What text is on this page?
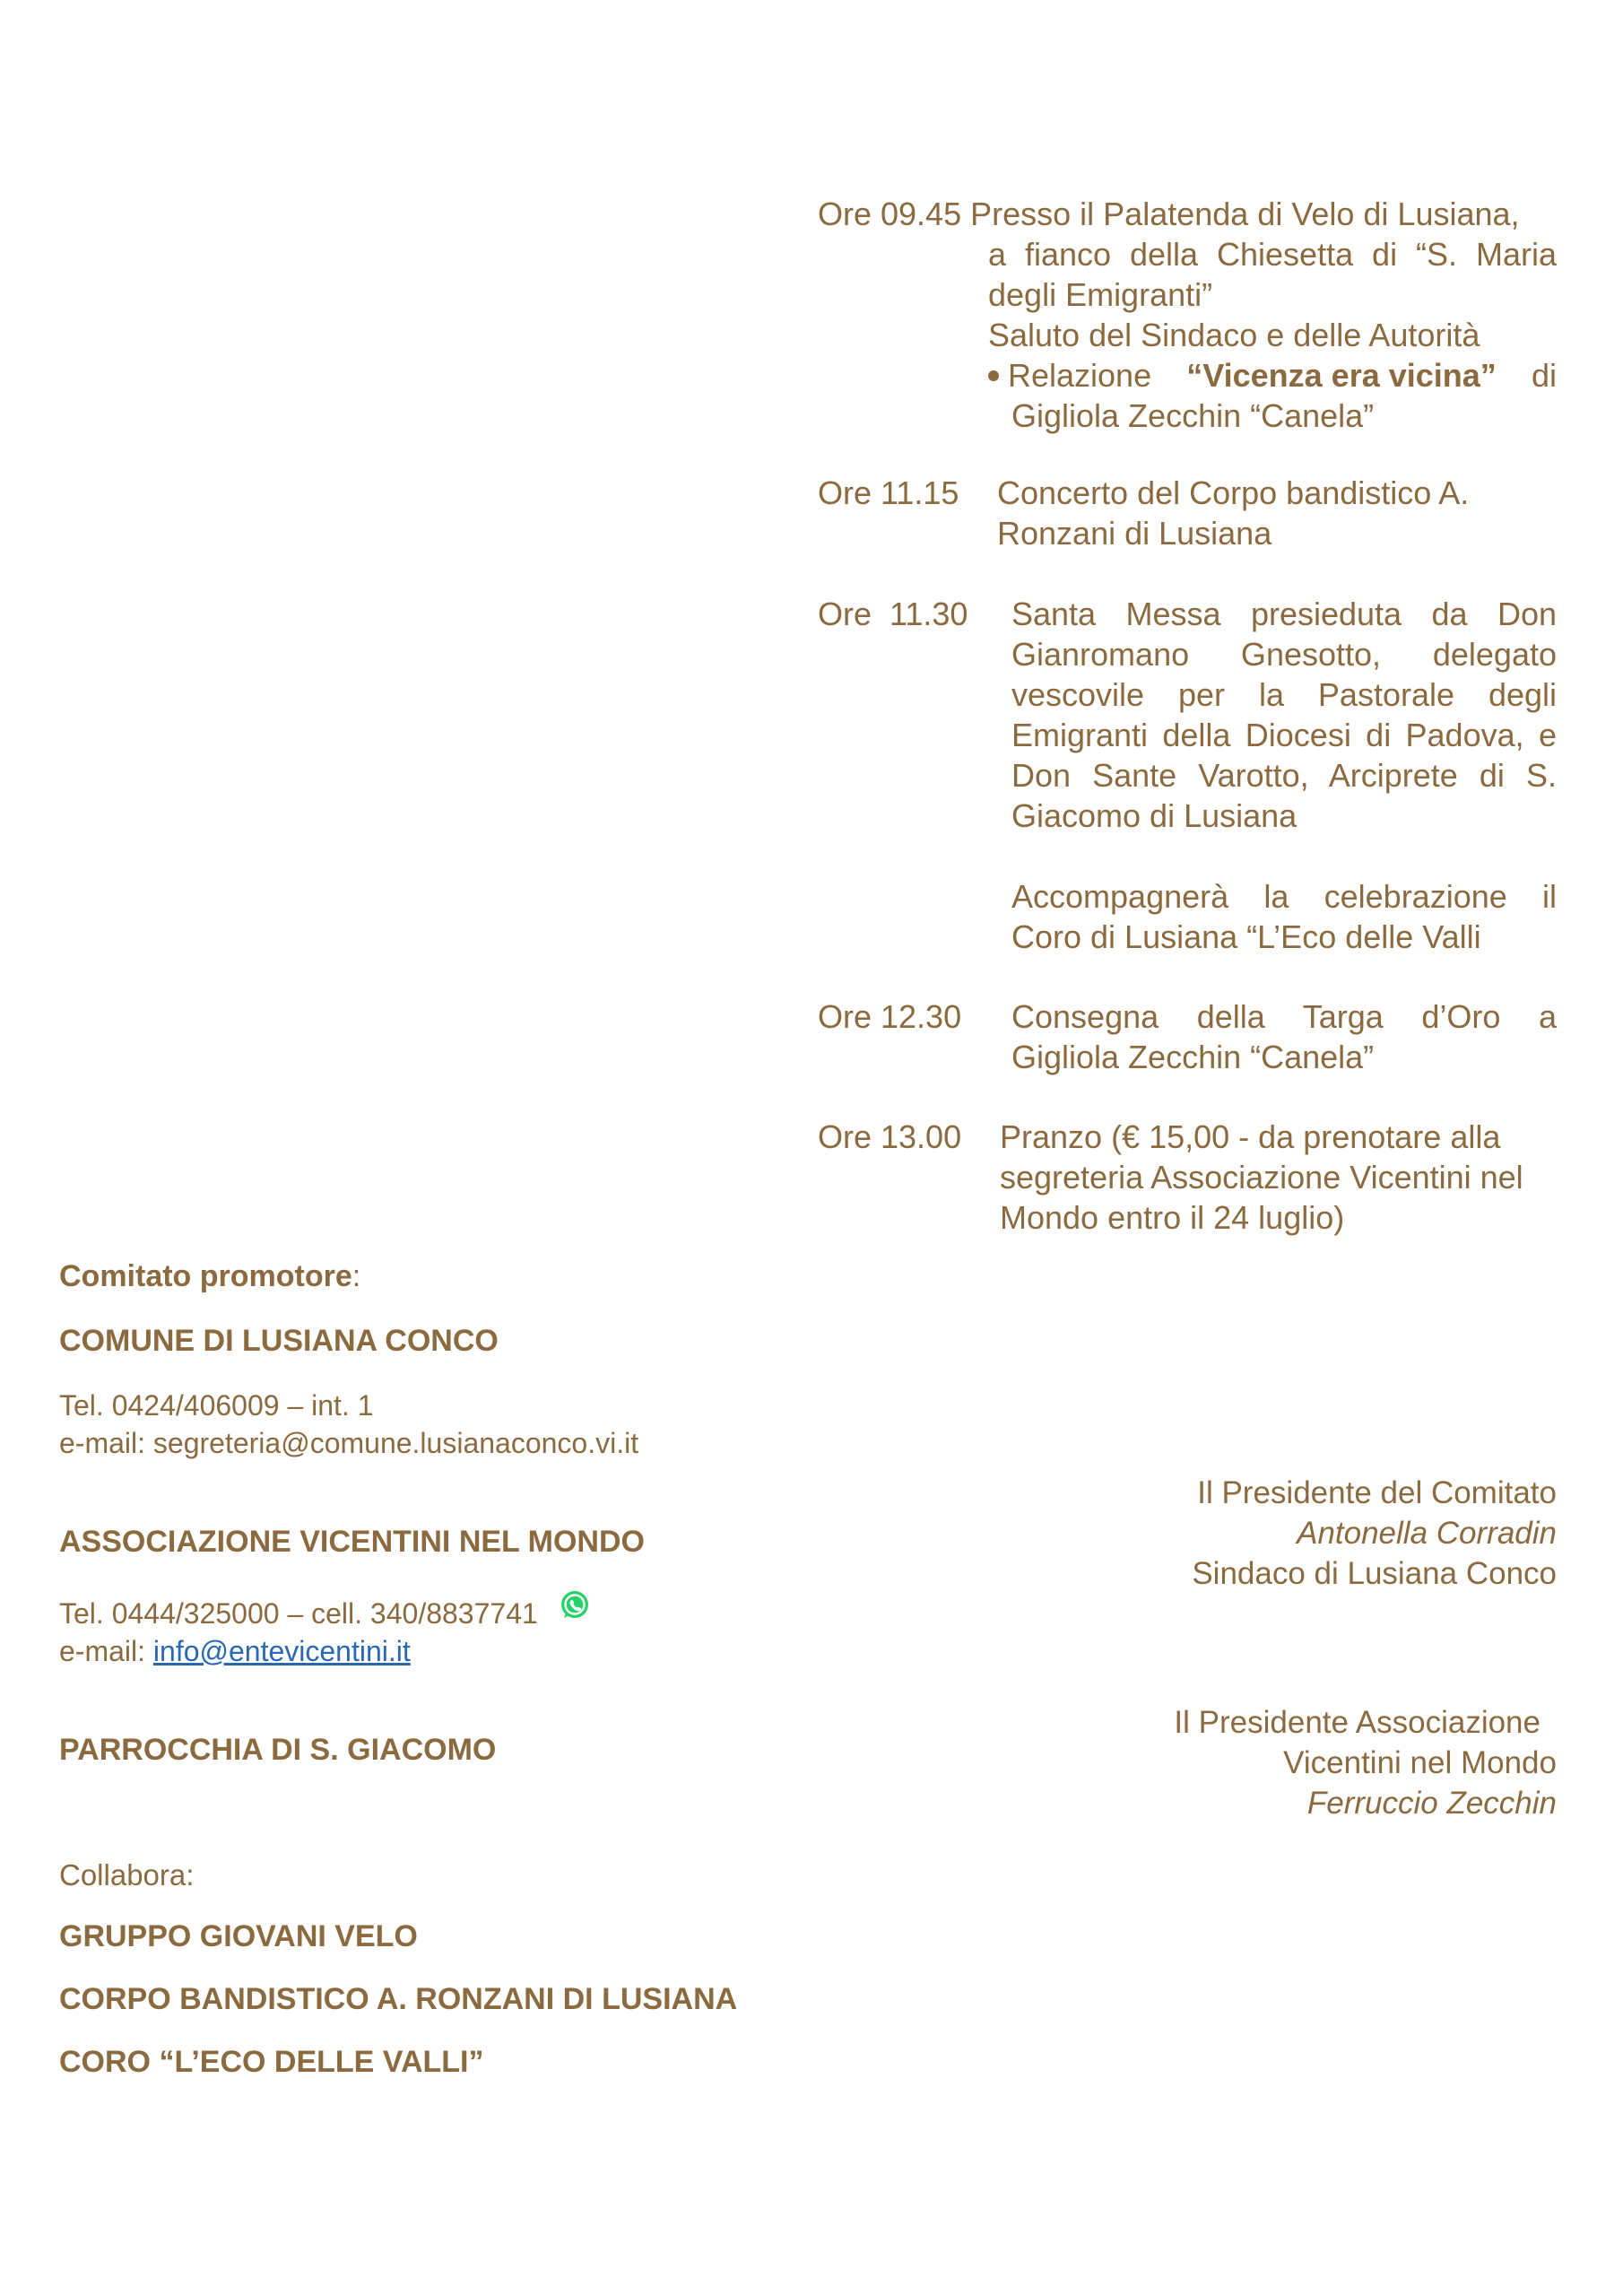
Ore 09.45 Presso il Palatenda di Velo di Lusiana,
a fianco della Chiesetta di “S. Maria
degli Emigranti”
Saluto del Sindaco e delle Autorità
Relazione “Vicenza era vicina” di
Gigliola Zecchin “Canela”
Ore 11.15 Concerto del Corpo bandistico A.
Ronzani di Lusiana
Ore  11.30 Santa Messa presieduta da Don
Gianromano Gnesotto, delegato
vescovile per la Pastorale degli
Emigranti della Diocesi di Padova, e
Don Sante Varotto, Arciprete di S.
Giacomo di Lusiana
Accompagnerà la celebrazione il
Coro di Lusiana “L’Eco delle Valli
Ore 12.30 Consegna della Targa d’Oro a
Gigliola Zecchin “Canela”
Ore 13.00 Pranzo (€ 15,00 - da prenotare alla
segreteria Associazione Vicentini nel
Mondo entro il 24 luglio)
Comitato promotore:
COMUNE DI LUSIANA CONCO
Tel. 0424/406009 – int. 1
e-mail: segreteria@comune.lusianaconco.vi.it
ASSOCIAZIONE VICENTINI NEL MONDO
Tel. 0444/325000 – cell. 340/8837741
e-mail: info@entevicentini.it
PARROCCHIA DI S. GIACOMO
Collabora:
GRUPPO GIOVANI VELO
CORPO BANDISTICO A. RONZANI DI LUSIANA
CORO “L’ECO DELLE VALLI”
Il Presidente del Comitato
Antonella Corradin
Sindaco di Lusiana Conco
Il Presidente Associazione
Vicentini nel Mondo
Ferruccio Zecchin
